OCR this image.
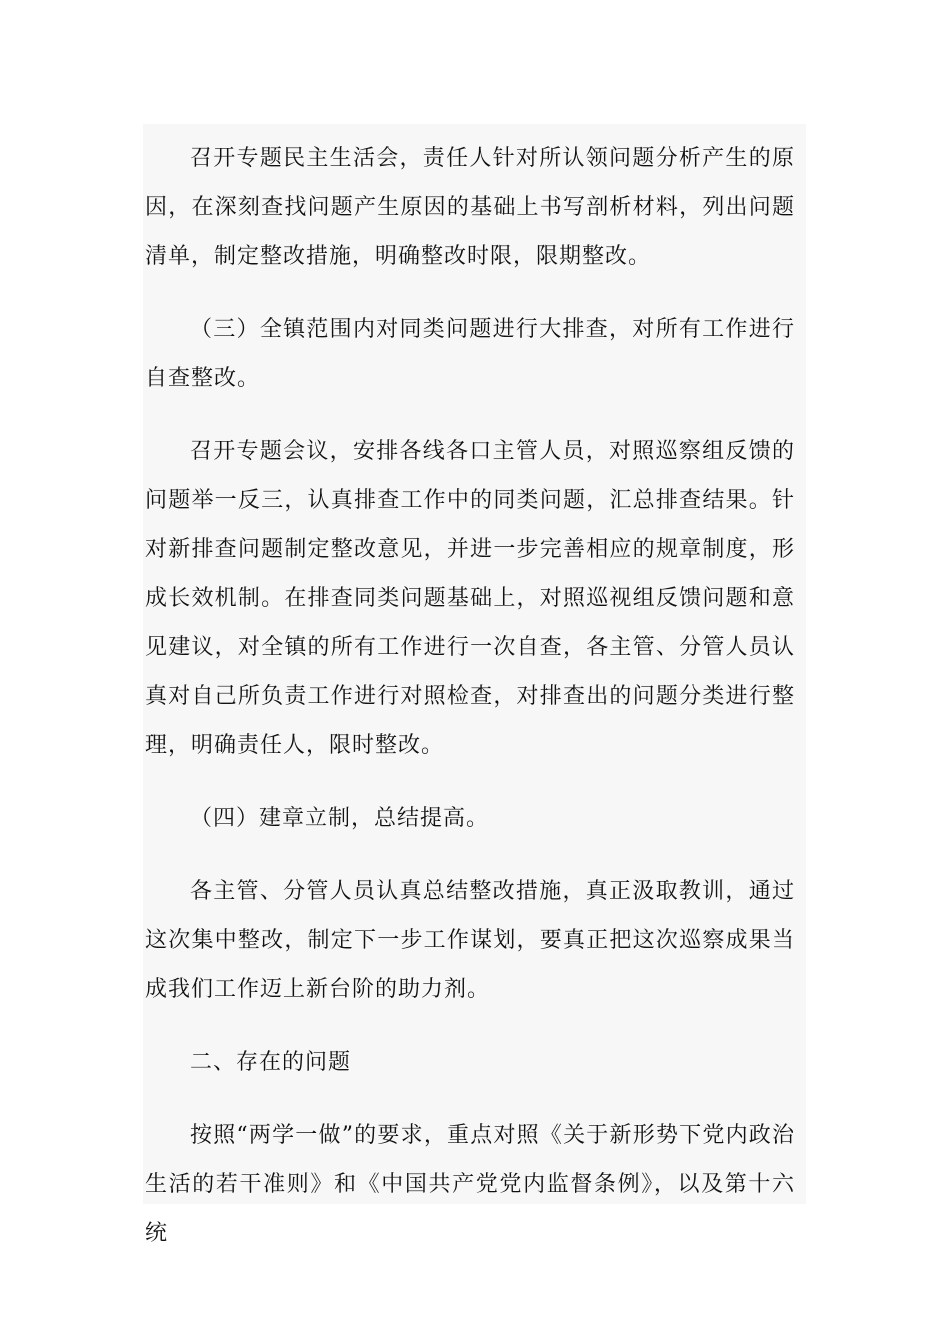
召开专题民主生活会，责任人针对所认领问题分析产生的原因，在深刻查找问题产生原因的基础上书写剖析材料，列出问题清单，制定整改措施，明确整改时限，限期整改。

（三）全镇范围内对同类问题进行大排查，对所有工作进行自查整改。

召开专题会议，安排各线各口主管人员，对照巡察组反馈的问题举一反三，认真排查工作中的同类问题，汇总排查结果。针对新排查问题制定整改意见，并进一步完善相应的规章制度，形成长效机制。在排查同类问题基础上，对照巡视组反馈问题和意见建议，对全镇的所有工作进行一次自查，各主管、分管人员认真对自己所负责工作进行对照检查，对排查出的问题分类进行整理，明确责任人，限时整改。

（四）建章立制，总结提高。

各主管、分管人员认真总结整改措施，真正汲取教训，通过这次集中整改，制定下一步工作谋划，要真正把这次巡察成果当成我们工作迈上新台阶的助力剂。

二、存在的问题

按照“两学一做”的要求，重点对照《关于新形势下党内政治生活的若干准则》和《中国共产党党内监督条例》，以及第十六统
